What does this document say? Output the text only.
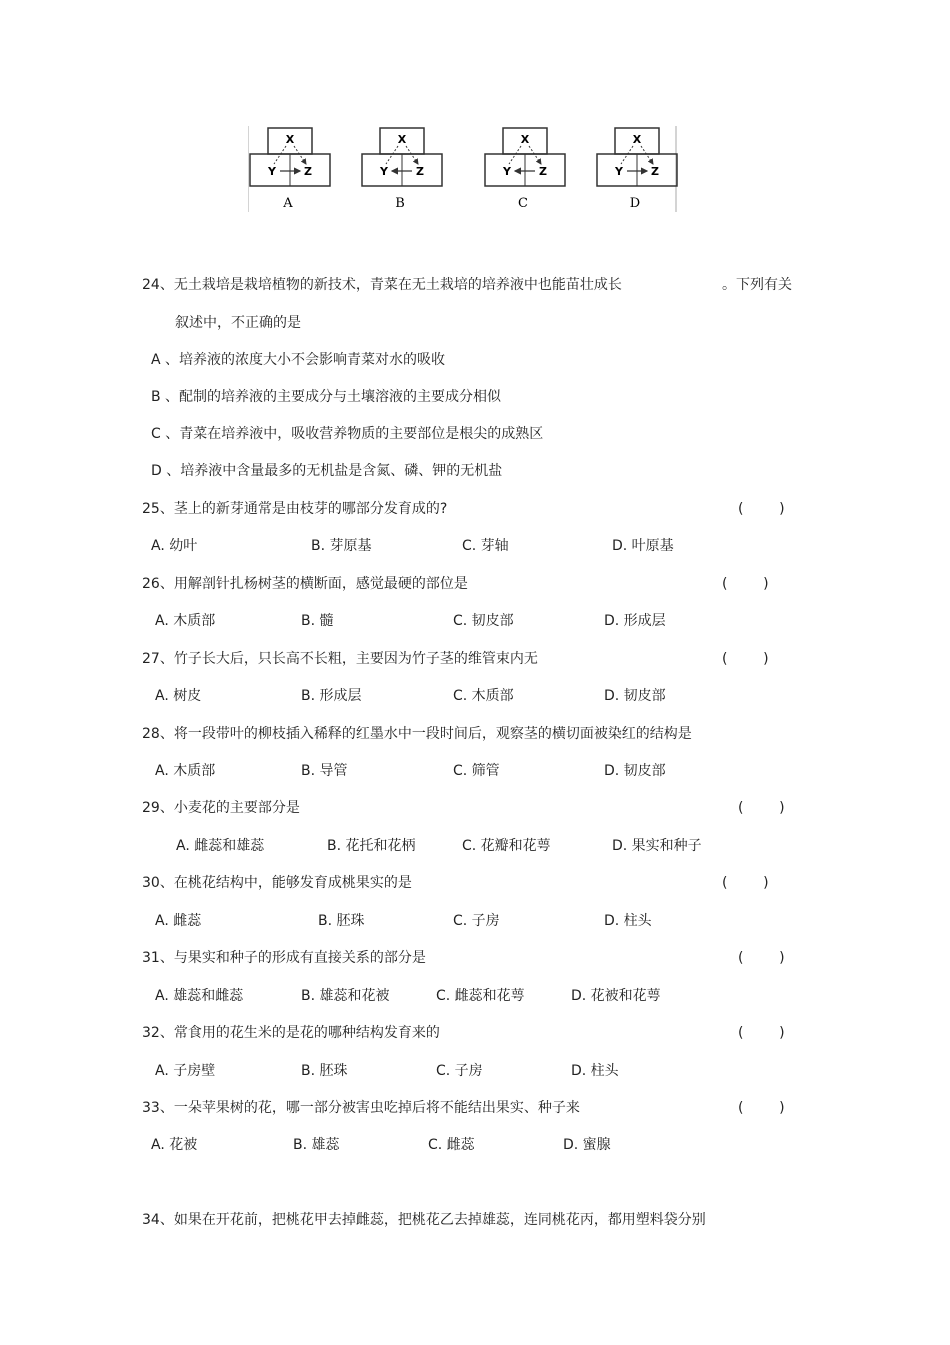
X
Y	Z
A
X
Y	Z
B
X
Y	Z
C
X
Y	Z
D
24、无土栽培是栽培植物的新技术，青菜在无土栽培的培养液中也能苗壮成长	。下列有关
叙述中，不正确的是
A 、培养液的浓度大小不会影响青菜对水的吸收
B 、配制的培养液的主要成分与土壤溶液的主要成分相似
C 、青菜在培养液中，吸收营养物质的主要部位是根尖的成熟区
D 、培养液中含量最多的无机盐是含氮、磷、钾的无机盐
25、茎上的新芽通常是由枝芽的哪部分发育成的?	(        )
A. 幼叶	B. 芽原基	C. 芽轴	D. 叶原基
26、用解剖针扎杨树茎的横断面，感觉最硬的部位是	(        )
A. 木质部	B. 髓	C. 韧皮部	D. 形成层
27、竹子长大后，只长高不长粗，主要因为竹子茎的维管束内无	(        )
A. 树皮	B. 形成层	C. 木质部	D. 韧皮部
28、将一段带叶的柳枝插入稀释的红墨水中一段时间后，观察茎的横切面被染红的结构是
A. 木质部	B. 导管	C. 筛管	D. 韧皮部
29、小麦花的主要部分是	(        )
A. 雌蕊和雄蕊	B. 花托和花柄	C. 花瓣和花萼	D. 果实和种子
30、在桃花结构中，能够发育成桃果实的是	(        )
A. 雌蕊	B. 胚珠	C. 子房	D. 柱头
31、与果实和种子的形成有直接关系的部分是	(        )
A. 雄蕊和雌蕊	B. 雄蕊和花被	C. 雌蕊和花萼	D. 花被和花萼
32、常食用的花生米的是花的哪种结构发育来的	(        )
A. 子房壁	B. 胚珠	C. 子房	D. 柱头
33、一朵苹果树的花，哪一部分被害虫吃掉后将不能结出果实、种子来	(        )
A. 花被	B. 雄蕊	C. 雌蕊	D. 蜜腺
34、如果在开花前，把桃花甲去掉雌蕊，把桃花乙去掉雄蕊，连同桃花丙，都用塑料袋分别
